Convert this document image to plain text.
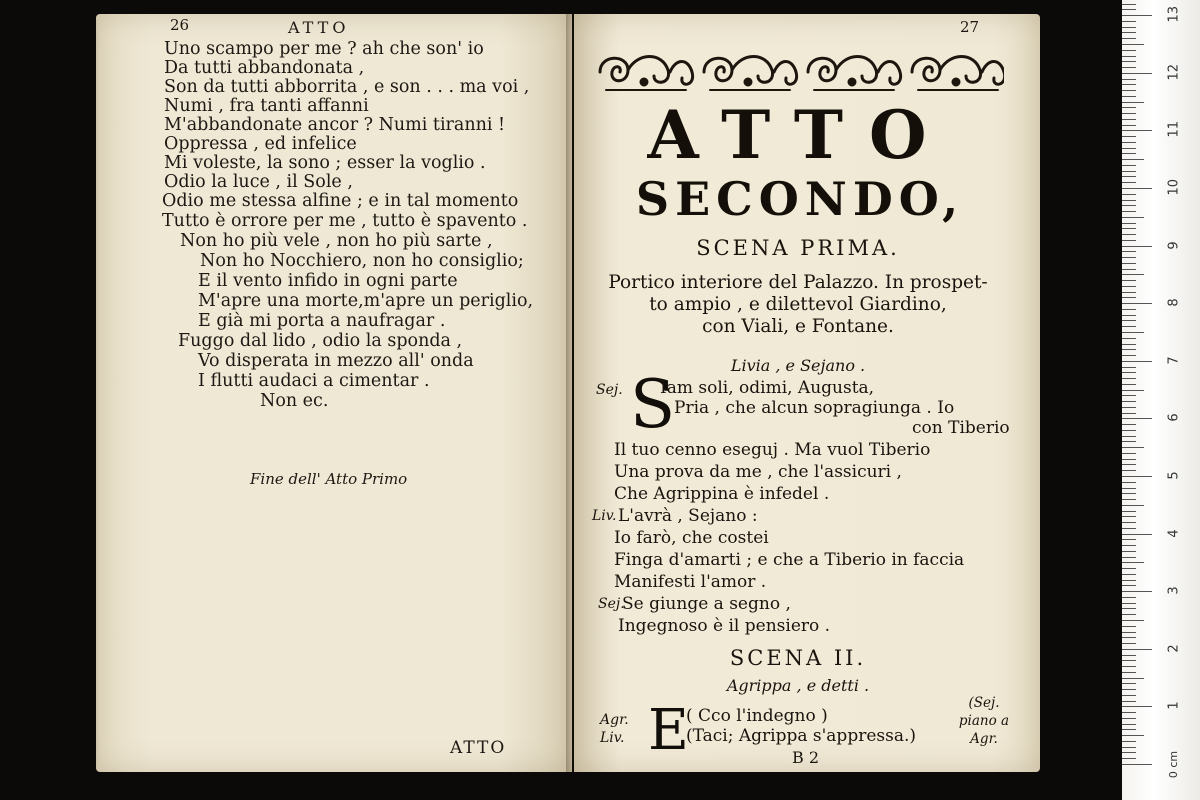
26	ATTO
Uno scampo per me ? ah che son' io
Da tutti abbandonata ,
Son da tutti abborrita , e son . . . ma voi ,
Numi , fra tanti affanni
M'abbandonate ancor ? Numi tiranni !
Oppressa , ed infelice
Mi voleste, la sono ; esser la voglio .
Odio la luce , il Sole ,
Odio me stessa alfine ; e in tal momento
Tutto è orrore per me , tutto è spavento .
Non ho più vele , non ho più sarte ,
Non ho Nocchiero, non ho consiglio;
E il vento infido in ogni parte
M'apre una morte,m'apre un periglio,
E già mi porta a naufragar .
Fuggo dal lido , odio la sponda ,
Vo disperata in mezzo all' onda
I flutti audaci a cimentar .
Non ec.
Fine dell' Atto Primo
ATTO
27
ATTO
SECONDO,
SCENA PRIMA.
Portico interiore del Palazzo. In prospet-
to ampio , e dilettevol Giardino,
con Viali, e Fontane.
Livia , e Sejano .
Sej. S
Iam soli, odimi, Augusta,
Pria , che alcun sopragiunga . Io
con Tiberio
Il tuo cenno eseguj . Ma vuol Tiberio
Una prova da me , che l'assicuri ,
Che Agrippina è infedel .
Liv. L'avrà , Sejano :
Io farò, che costei
Finga d'amarti ; e che a Tiberio in faccia
Manifesti l'amor .
Sej.
Se giunge a segno ,
Ingegnoso è il pensiero .
SCENA II.
Agrippa , e detti .
Agr.
Liv. E
( Cco l'indegno )
(Taci; Agrippa s'appressa.)
(Sej.
piano a
Agr.
B 2
1
2
3
4
5
6
7
8
9
10
11
12
13
0 cm
